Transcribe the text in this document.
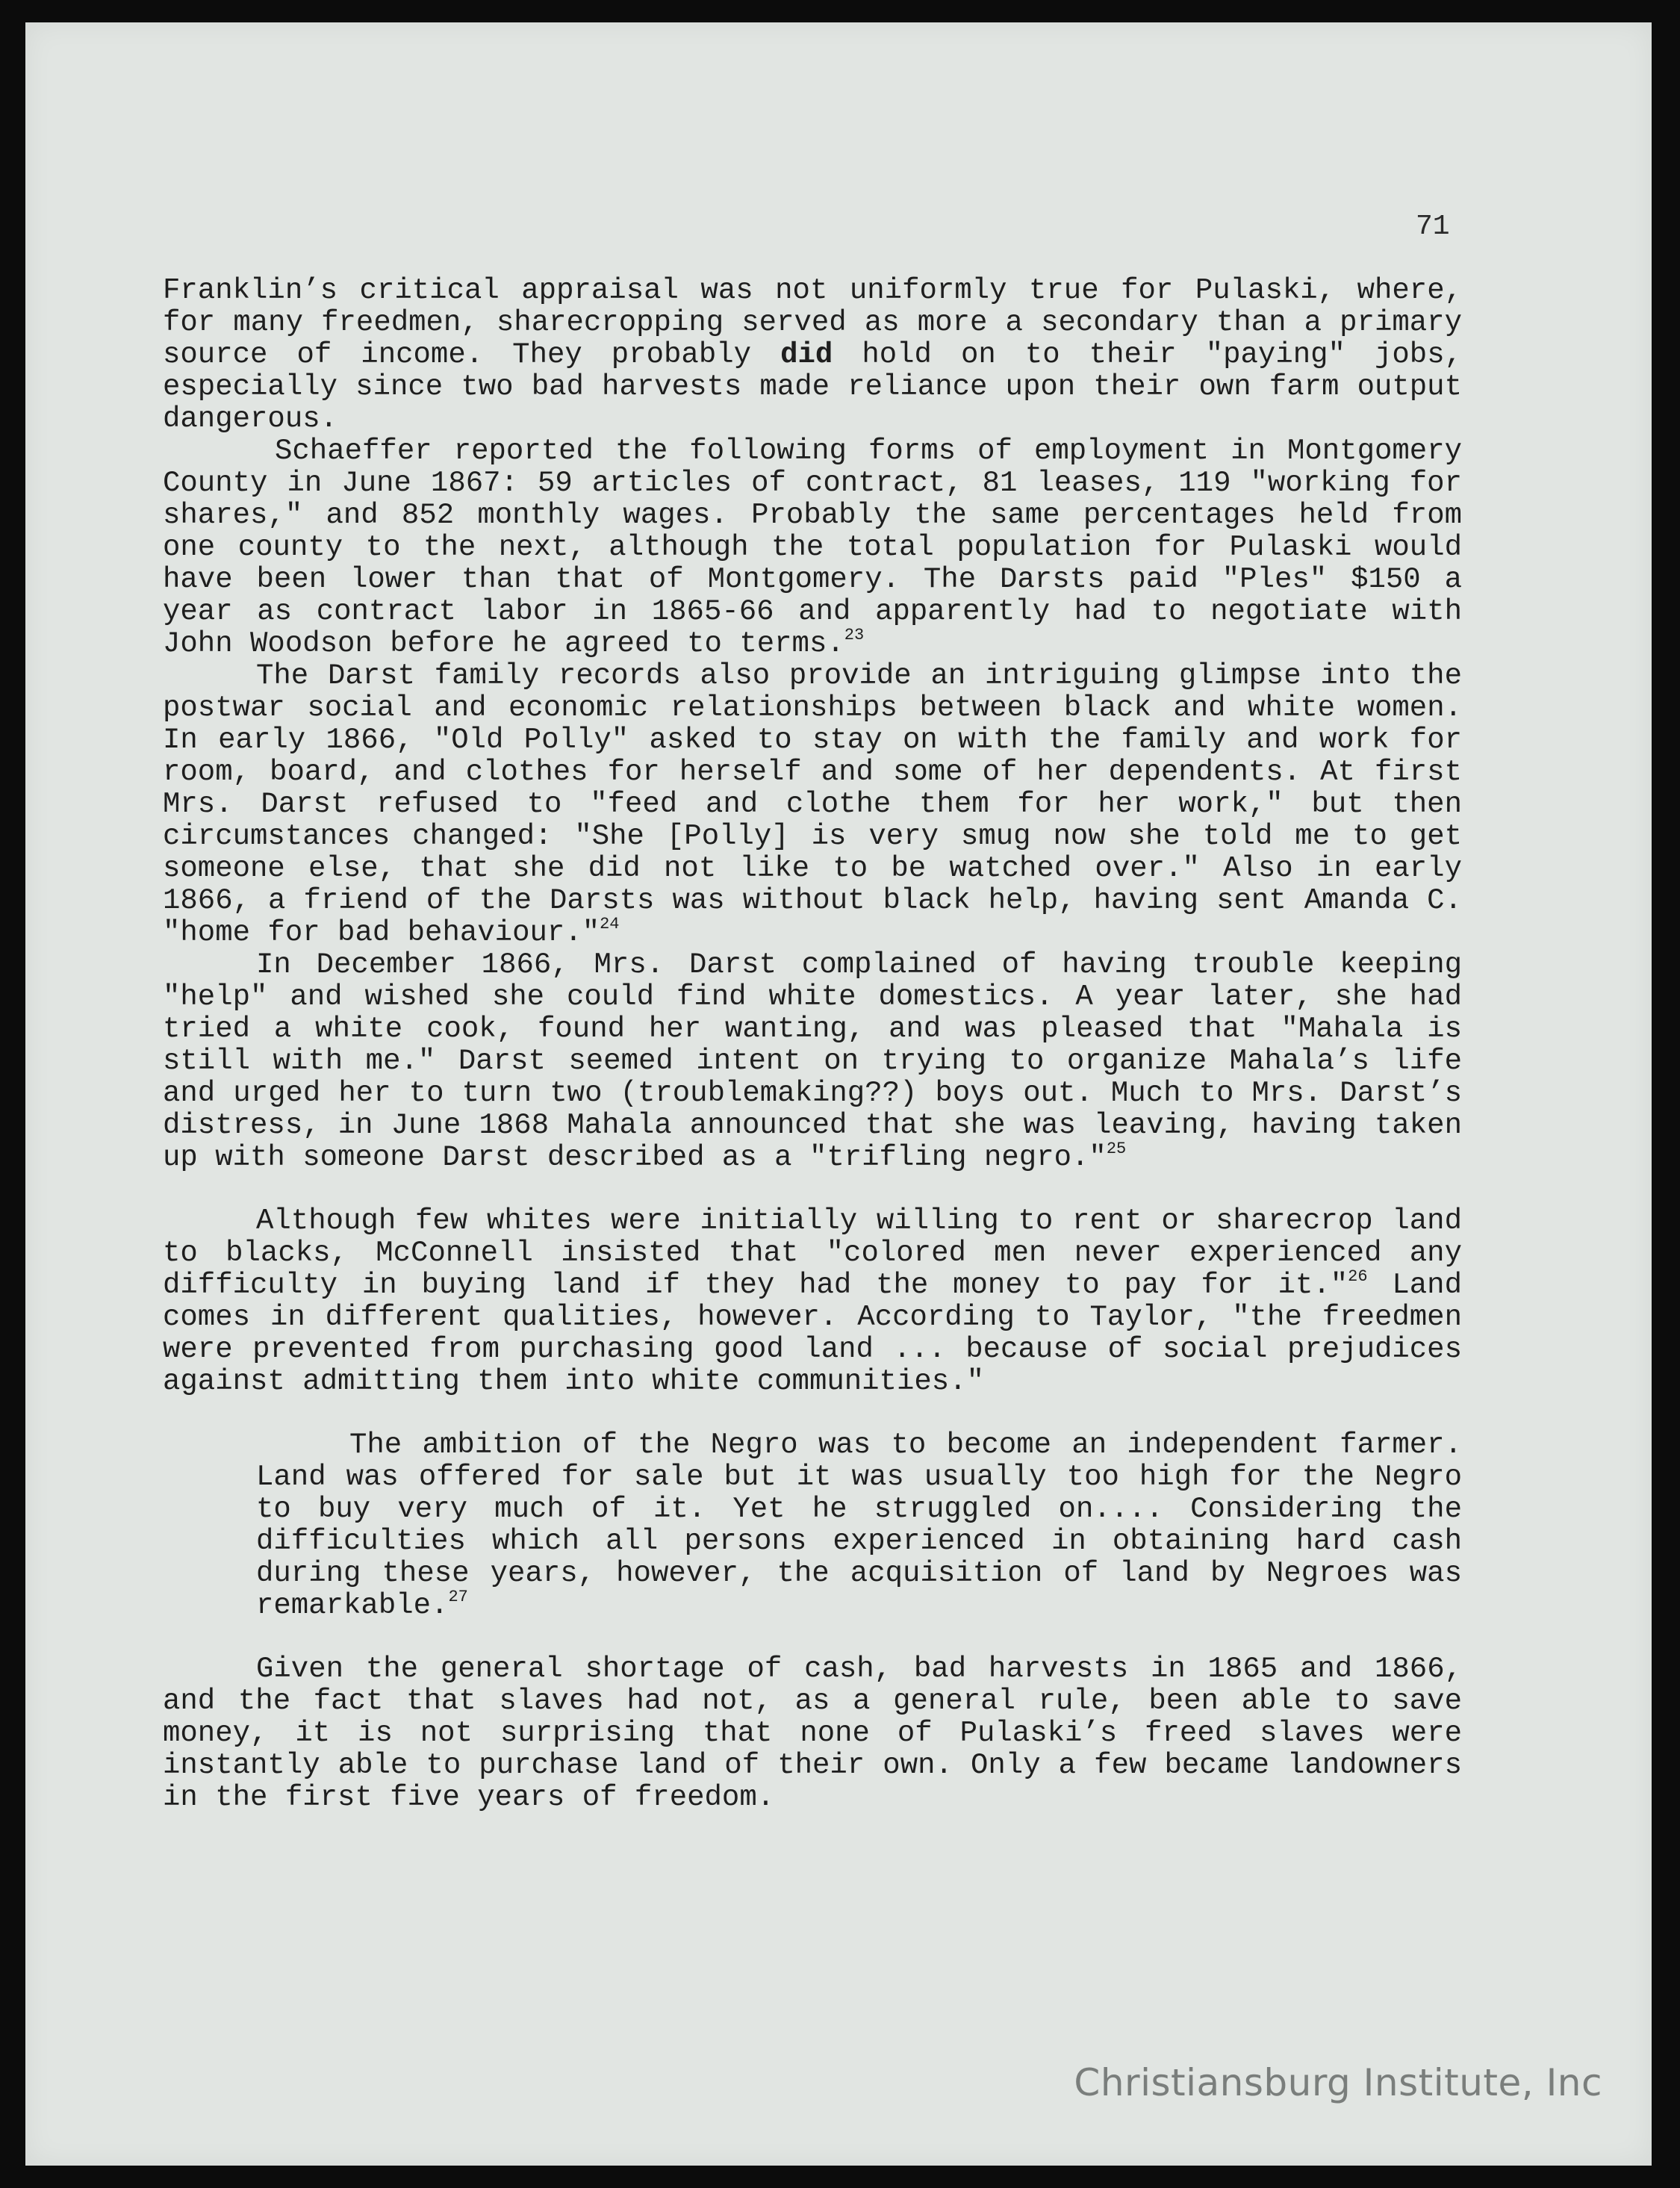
71

Franklin’s critical appraisal was not uniformly true for Pulaski, where, for many freedmen, sharecropping served as more a secondary than a primary source of income. They probably did hold on to their "paying" jobs, especially since two bad harvests made reliance upon their own farm output dangerous.

Schaeffer reported the following forms of employment in Montgomery County in June 1867: 59 articles of contract, 81 leases, 119 "working for shares," and 852 monthly wages. Probably the same percentages held from one county to the next, although the total population for Pulaski would have been lower than that of Montgomery. The Darsts paid "Ples" $150 a year as contract labor in 1865-66 and apparently had to negotiate with John Woodson before he agreed to terms.$^{23}$

The Darst family records also provide an intriguing glimpse into the postwar social and economic relationships between black and white women. In early 1866, "Old Polly" asked to stay on with the family and work for room, board, and clothes for herself and some of her dependents. At first Mrs. Darst refused to "feed and clothe them for her work," but then circumstances changed: "She [Polly] is very smug now she told me to get someone else, that she did not like to be watched over." Also in early 1866, a friend of the Darsts was without black help, having sent Amanda C. "home for bad behaviour."$^{24}$

In December 1866, Mrs. Darst complained of having trouble keeping "help" and wished she could find white domestics. A year later, she had tried a white cook, found her wanting, and was pleased that "Mahala is still with me." Darst seemed intent on trying to organize Mahala’s life and urged her to turn two (troublemaking??) boys out. Much to Mrs. Darst’s distress, in June 1868 Mahala announced that she was leaving, having taken up with someone Darst described as a "trifling negro."$^{25}$

Although few whites were initially willing to rent or sharecrop land to blacks, McConnell insisted that "colored men never experienced any difficulty in buying land if they had the money to pay for it."$^{26}$ Land comes in different qualities, however. According to Taylor, "the freedmen were prevented from purchasing good land ... because of social prejudices against admitting them into white communities."

The ambition of the Negro was to become an independent farmer. Land was offered for sale but it was usually too high for the Negro to buy very much of it. Yet he struggled on.... Considering the difficulties which all persons experienced in obtaining hard cash during these years, however, the acquisition of land by Negroes was remarkable.$^{27}$

Given the general shortage of cash, bad harvests in 1865 and 1866, and the fact that slaves had not, as a general rule, been able to save money, it is not surprising that none of Pulaski’s freed slaves were instantly able to purchase land of their own. Only a few became landowners in the first five years of freedom.

Christiansburg Institute, Inc
